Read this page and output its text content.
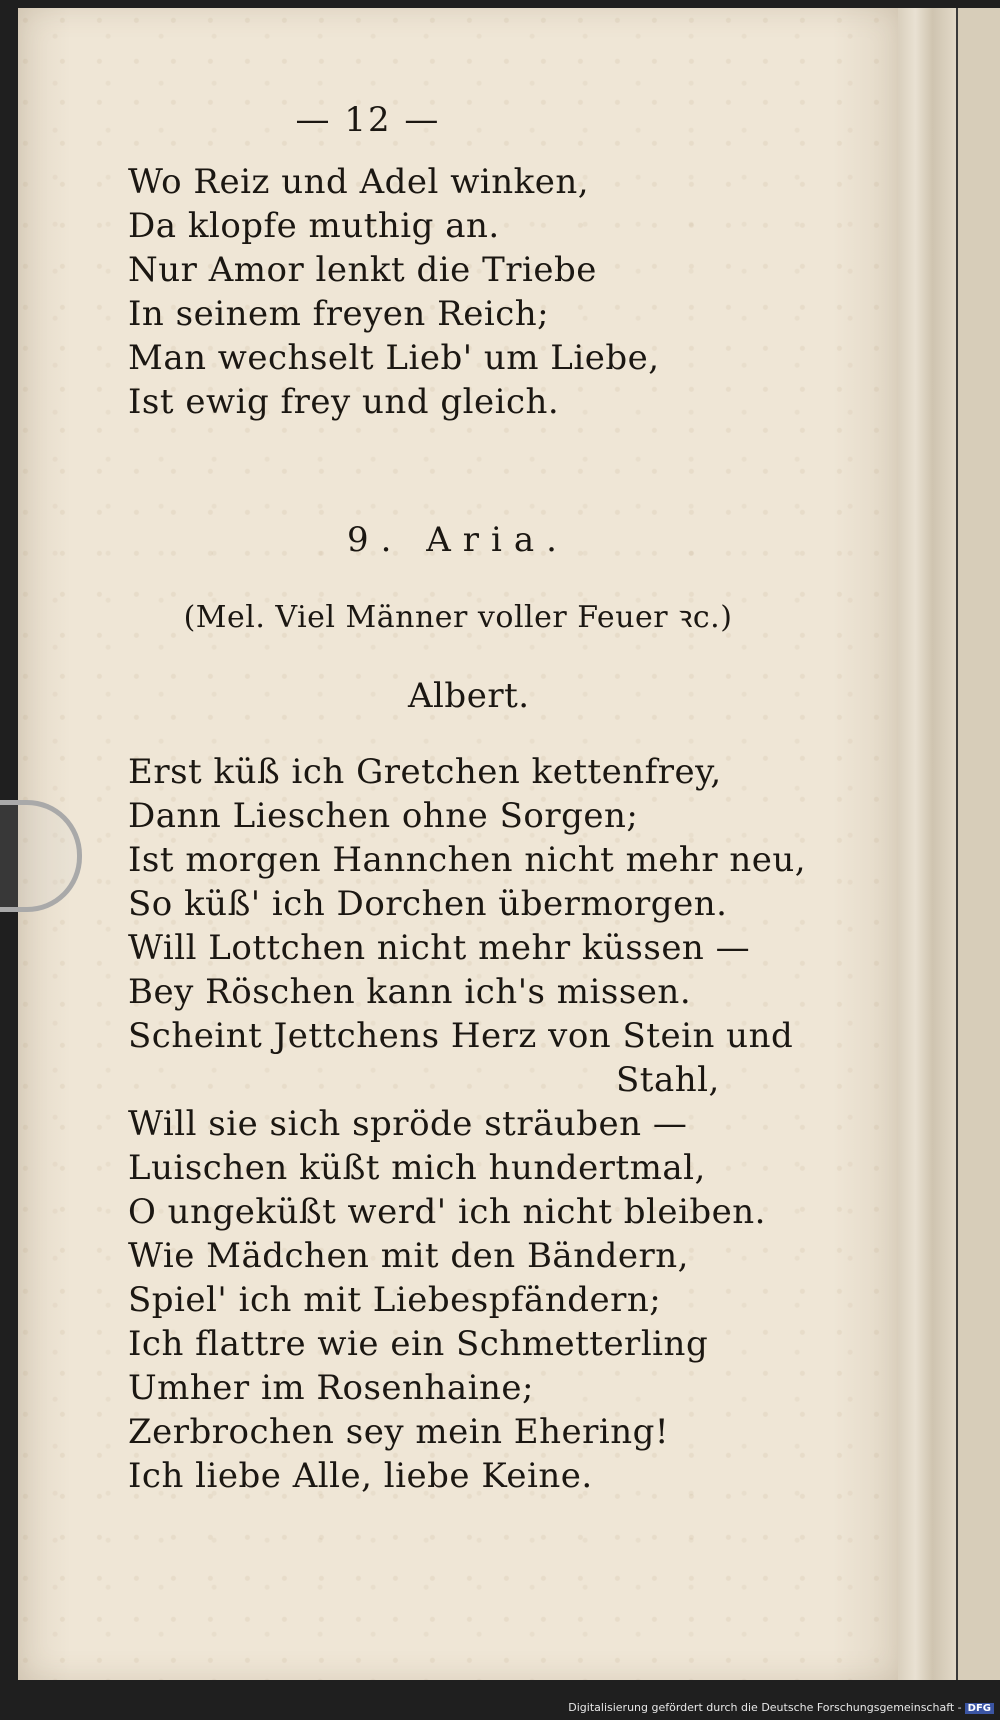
— 12 —
Wo Reiz und Adel winken,
Da klopfe muthig an.
Nur Amor lenkt die Triebe
In seinem freyen Reich;
Man wechselt Lieb' um Liebe,
Ist ewig frey und gleich.
9. Aria.
(Mel. Viel Männer voller Feuer ꝛc.)
Albert.
Erst küß ich Gretchen kettenfrey,
Dann Lieschen ohne Sorgen;
Ist morgen Hannchen nicht mehr neu,
So küß' ich Dorchen übermorgen.
Will Lottchen nicht mehr küssen —
Bey Röschen kann ich's missen.
Scheint Jettchens Herz von Stein und
Stahl,
Will sie sich spröde sträuben —
Luischen küßt mich hundertmal,
O ungeküßt werd' ich nicht bleiben.
Wie Mädchen mit den Bändern,
Spiel' ich mit Liebespfändern;
Ich flattre wie ein Schmetterling
Umher im Rosenhaine;
Zerbrochen sey mein Ehering!
Ich liebe Alle, liebe Keine.
Digitalisierung gefördert durch die Deutsche Forschungsgemeinschaft - DFG
